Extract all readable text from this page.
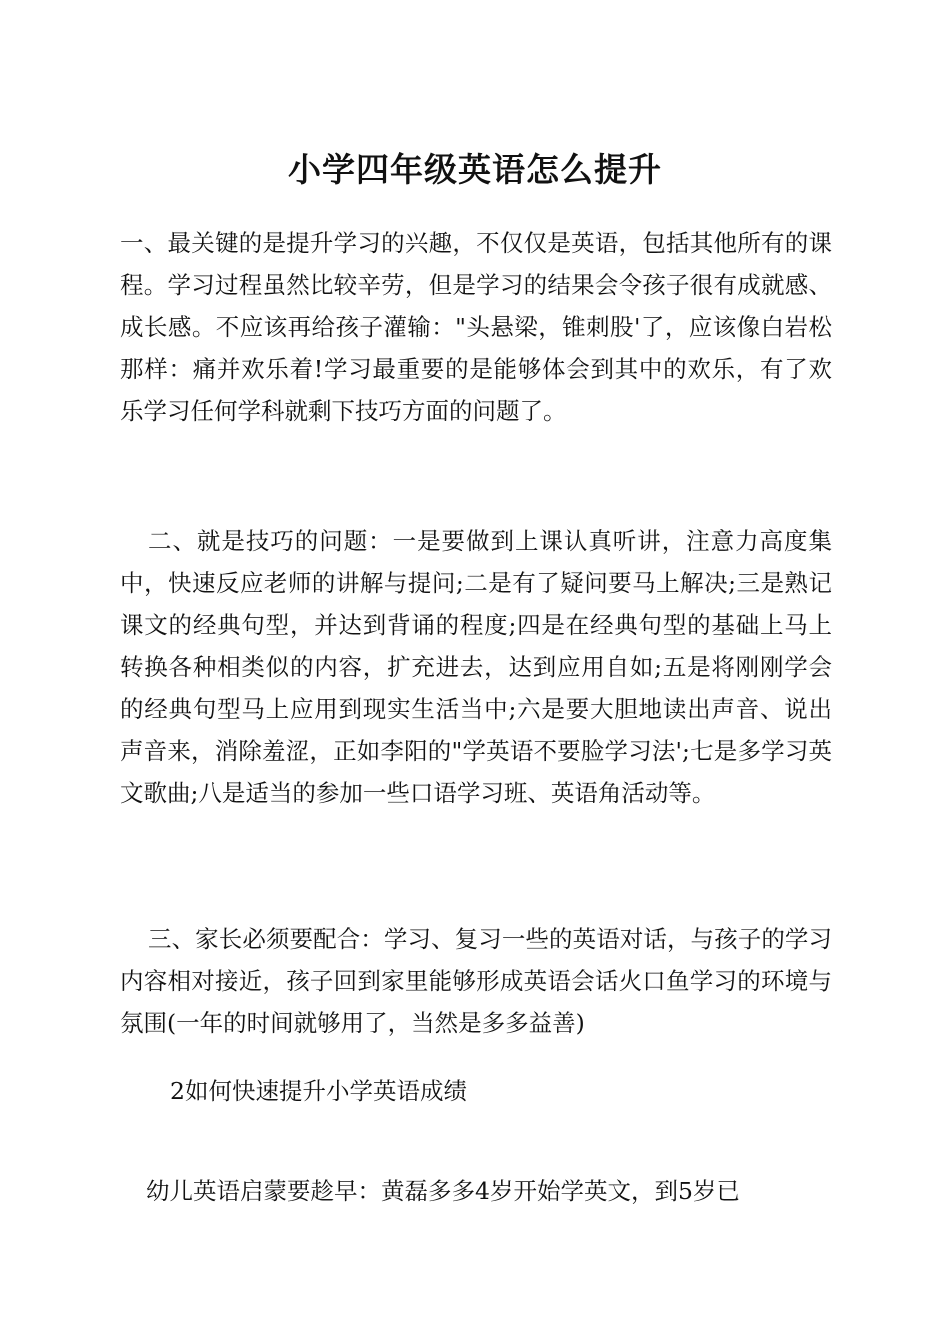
小学四年级英语怎么提升

一、最关键的是提升学习的兴趣，不仅仅是英语，包括其他所有的课程。学习过程虽然比较辛劳，但是学习的结果会令孩子很有成就感、成长感。不应该再给孩子灌输："头悬梁，锥刺股'了，应该像白岩松那样：痛并欢乐着!学习最重要的是能够体会到其中的欢乐，有了欢乐学习任何学科就剩下技巧方面的问题了。

二、就是技巧的问题：一是要做到上课认真听讲，注意力高度集中，快速反应老师的讲解与提问;二是有了疑问要马上解决;三是熟记课文的经典句型，并达到背诵的程度;四是在经典句型的基础上马上转换各种相类似的内容，扩充进去，达到应用自如;五是将刚刚学会的经典句型马上应用到现实生活当中;六是要大胆地读出声音、说出声音来，消除羞涩，正如李阳的"学英语不要脸学习法';七是多学习英文歌曲;八是适当的参加一些口语学习班、英语角活动等。

三、家长必须要配合：学习、复习一些的英语对话，与孩子的学习内容相对接近，孩子回到家里能够形成英语会话火口鱼学习的环境与氛围(一年的时间就够用了，当然是多多益善)

2如何快速提升小学英语成绩

幼儿英语启蒙要趁早：黄磊多多4岁开始学英文，到5岁已
